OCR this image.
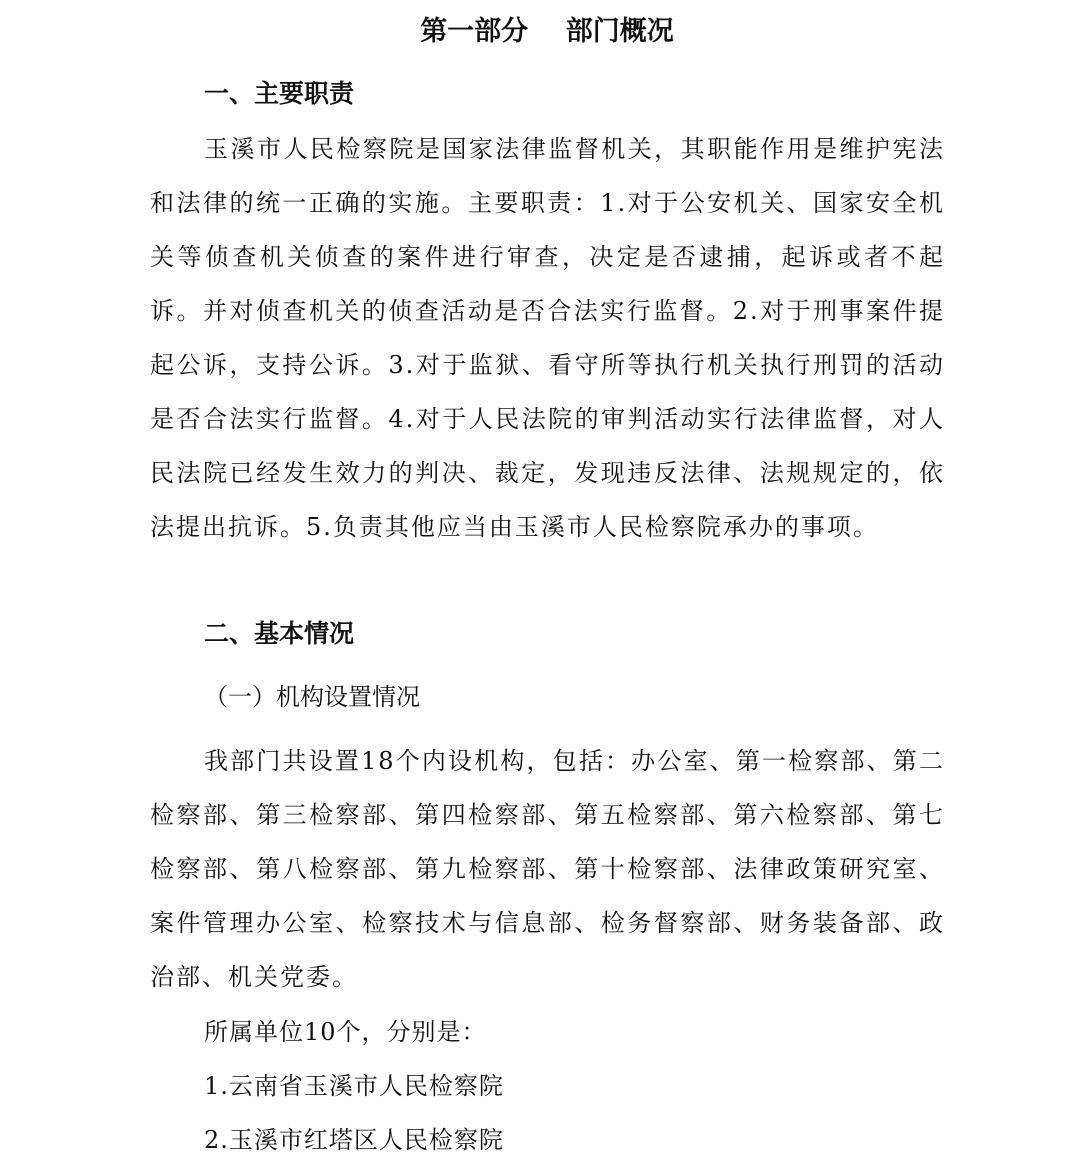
第一部分    部门概况
一、主要职责

玉溪市人民检察院是国家法律监督机关，其职能作用是维护宪法和法律的统一正确的实施。主要职责：1.对于公安机关、国家安全机关等侦查机关侦查的案件进行审查，决定是否逮捕，起诉或者不起诉。并对侦查机关的侦查活动是否合法实行监督。2.对于刑事案件提起公诉，支持公诉。3.对于监狱、看守所等执行机关执行刑罚的活动是否合法实行监督。4.对于人民法院的审判活动实行法律监督，对人民法院已经发生效力的判决、裁定，发现违反法律、法规规定的，依法提出抗诉。5.负责其他应当由玉溪市人民检察院承办的事项。

二、基本情况
（一）机构设置情况

我部门共设置18个内设机构，包括：办公室、第一检察部、第二检察部、第三检察部、第四检察部、第五检察部、第六检察部、第七检察部、第八检察部、第九检察部、第十检察部、法律政策研究室、案件管理办公室、检察技术与信息部、检务督察部、财务装备部、政治部、机关党委。

所属单位10个，分别是：
1.云南省玉溪市人民检察院
2.玉溪市红塔区人民检察院
